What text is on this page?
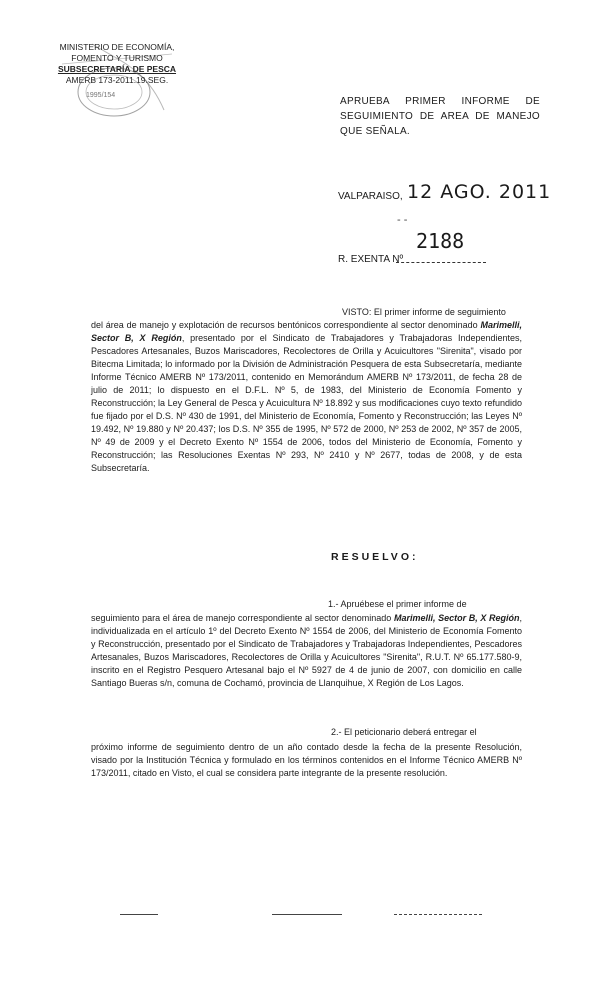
MINISTERIO DE ECONOMÍA,
FOMENTO Y TURISMO
SUBSECRETARÍA DE PESCA
AMERB 173-2011.19.SEG.
1995/154
APRUEBA PRIMER INFORME DE SEGUIMIENTO DE AREA DE MANEJO QUE SEÑALA.
VALPARAISO, 12 AGO. 2011
- -
2188
R. EXENTA Nº
VISTO: El primer informe de seguimiento
del área de manejo y explotación de recursos bentónicos correspondiente al sector denominado Marimelli, Sector B, X Región, presentado por el Sindicato de Trabajadores y Trabajadoras Independientes, Pescadores Artesanales, Buzos Mariscadores, Recolectores de Orilla y Acuicultores "Sirenita", visado por Bitecma Limitada; lo informado por la División de Administración Pesquera de esta Subsecretaría, mediante Informe Técnico AMERB Nº 173/2011, contenido en Memorándum AMERB Nº 173/2011, de fecha 28 de julio de 2011; lo dispuesto en el D.F.L. Nº 5, de 1983, del Ministerio de Economía Fomento y Reconstrucción; la Ley General de Pesca y Acuicultura Nº 18.892 y sus modificaciones cuyo texto refundido fue fijado por el D.S. Nº 430 de 1991, del Ministerio de Economía, Fomento y Reconstrucción; las Leyes Nº 19.492, Nº 19.880 y Nº 20.437; los D.S. Nº 355 de 1995, Nº 572 de 2000, Nº 253 de 2002, Nº 357 de 2005, Nº 49 de 2009 y el Decreto Exento Nº 1554 de 2006, todos del Ministerio de Economía, Fomento y Reconstrucción; las Resoluciones Exentas Nº 293, Nº 2410 y Nº 2677, todas de 2008, y de esta Subsecretaría.
RESUELVO:
1.- Apruébese el primer informe de
seguimiento para el área de manejo correspondiente al sector denominado Marimelli, Sector B, X Región, individualizada en el artículo 1º del Decreto Exento Nº 1554 de 2006, del Ministerio de Economía Fomento y Reconstrucción, presentado por el Sindicato de Trabajadores y Trabajadoras Independientes, Pescadores Artesanales, Buzos Mariscadores, Recolectores de Orilla y Acuicultores "Sirenita", R.U.T. Nº 65.177.580-9, inscrito en el Registro Pesquero Artesanal bajo el Nº 5927 de 4 de junio de 2007, con domicilio en calle Santiago Bueras s/n, comuna de Cochamó, provincia de Llanquihue, X Región de Los Lagos.
2.- El peticionario deberá entregar el
próximo informe de seguimiento dentro de un año contado desde la fecha de la presente Resolución, visado por la Institución Técnica y formulado en los términos contenidos en el Informe Técnico AMERB Nº 173/2011, citado en Visto, el cual se considera parte integrante de la presente resolución.
